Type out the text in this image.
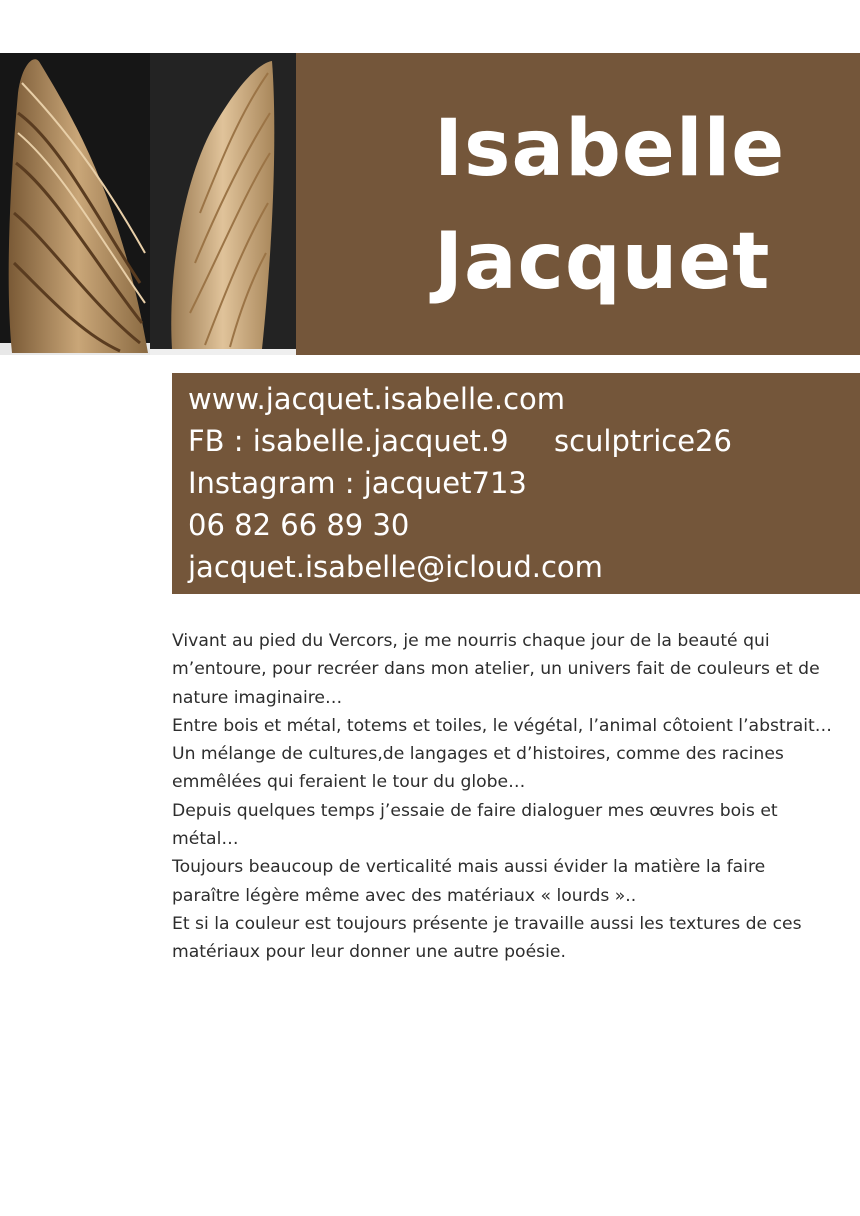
Isabelle
Jacquet
www.jacquet.isabelle.com
FB : isabelle.jacquet.9 sculptrice26
Instagram : jacquet713
06 82 66 89 30
jacquet.isabelle@icloud.com

Vivant au pied du Vercors, je me nourris chaque jour de la beauté qui m’entoure, pour recréer dans mon atelier, un univers fait de couleurs et de nature imaginaire…

Entre bois et métal, totems et toiles, le végétal, l’animal côtoient l’abstrait…

Un mélange de cultures,de langages et d’histoires, comme des racines emmêlées qui feraient le tour du globe…

Depuis quelques temps j’essaie de faire dialoguer mes œuvres bois et métal…

Toujours beaucoup de verticalité mais aussi évider la matière la faire paraître légère même avec des matériaux « lourds »..

Et si la couleur est toujours présente je travaille aussi les textures de ces matériaux pour leur donner une autre poésie.
